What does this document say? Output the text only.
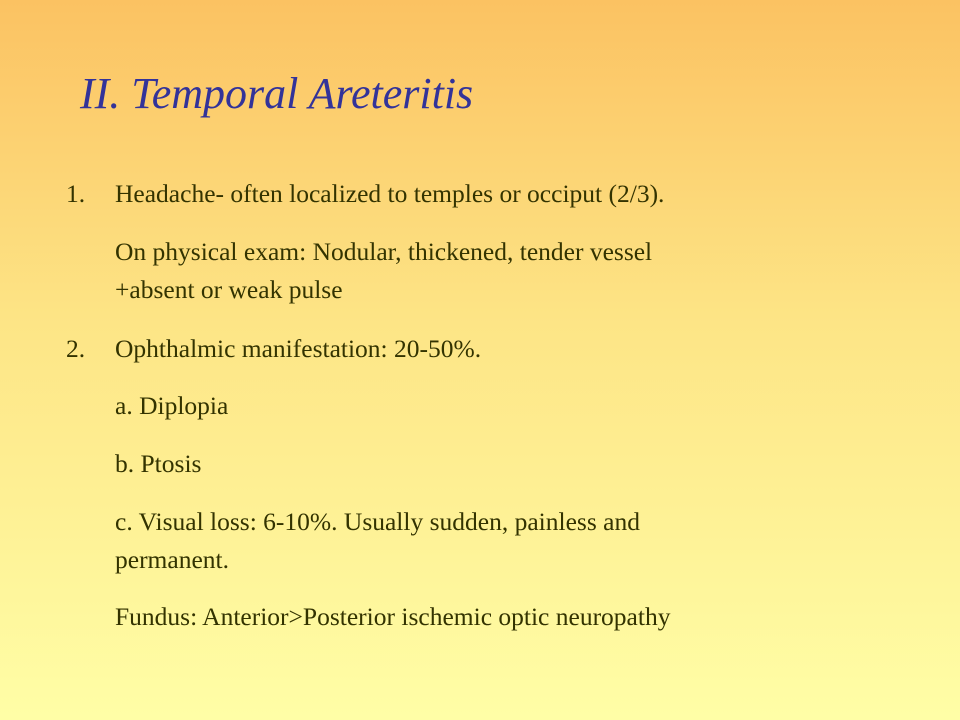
II. Temporal Areteritis
1. Headache- often localized to temples or occiput (2/3).
On physical exam: Nodular, thickened, tender vessel
+absent or weak pulse
2. Ophthalmic manifestation: 20-50%.
a. Diplopia
b. Ptosis
c. Visual loss: 6-10%. Usually sudden, painless and
permanent.
Fundus: Anterior>Posterior ischemic optic neuropathy
